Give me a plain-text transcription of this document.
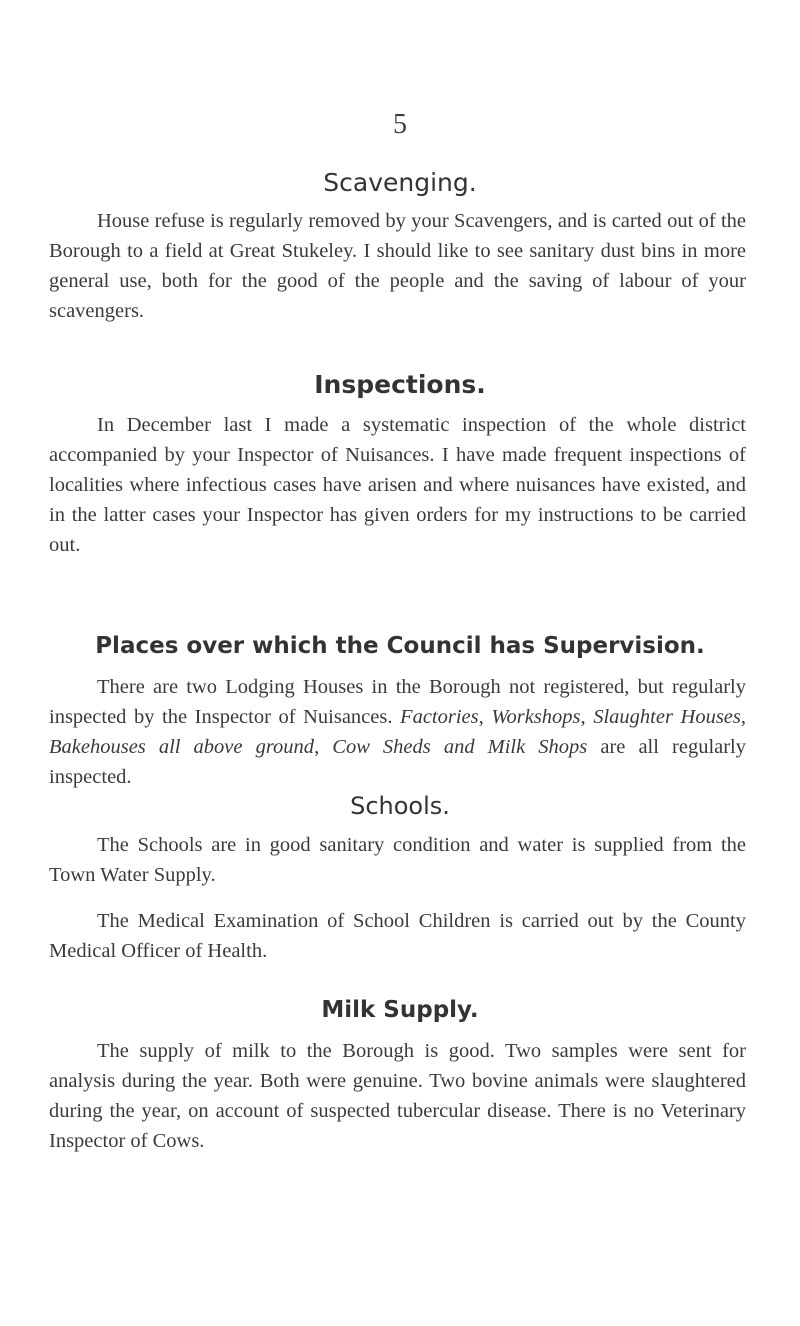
5
Scavenging.

House refuse is regularly removed by your Scavengers, and is carted out of the Borough to a field at Great Stukeley. I should like to see sanitary dust bins in more general use, both for the good of the people and the saving of labour of your scavengers.

Inspections.

In December last I made a systematic inspection of the whole district accompanied by your Inspector of Nuisances. I have made frequent inspections of localities where infectious cases have arisen and where nuisances have existed, and in the latter cases your Inspector has given orders for my instructions to be carried out.

Places over which the Council has Supervision.

There are two Lodging Houses in the Borough not registered, but regularly inspected by the Inspector of Nuisances. Factories, Workshops, Slaughter Houses, Bakehouses all above ground, Cow Sheds and Milk Shops are all regularly inspected.

Schools.

The Schools are in good sanitary condition and water is supplied from the Town Water Supply.

The Medical Examination of School Children is carried out by the County Medical Officer of Health.

Milk Supply.

The supply of milk to the Borough is good. Two samples were sent for analysis during the year. Both were genuine. Two bovine animals were slaughtered during the year, on account of suspected tubercular disease. There is no Veterinary Inspector of Cows.
